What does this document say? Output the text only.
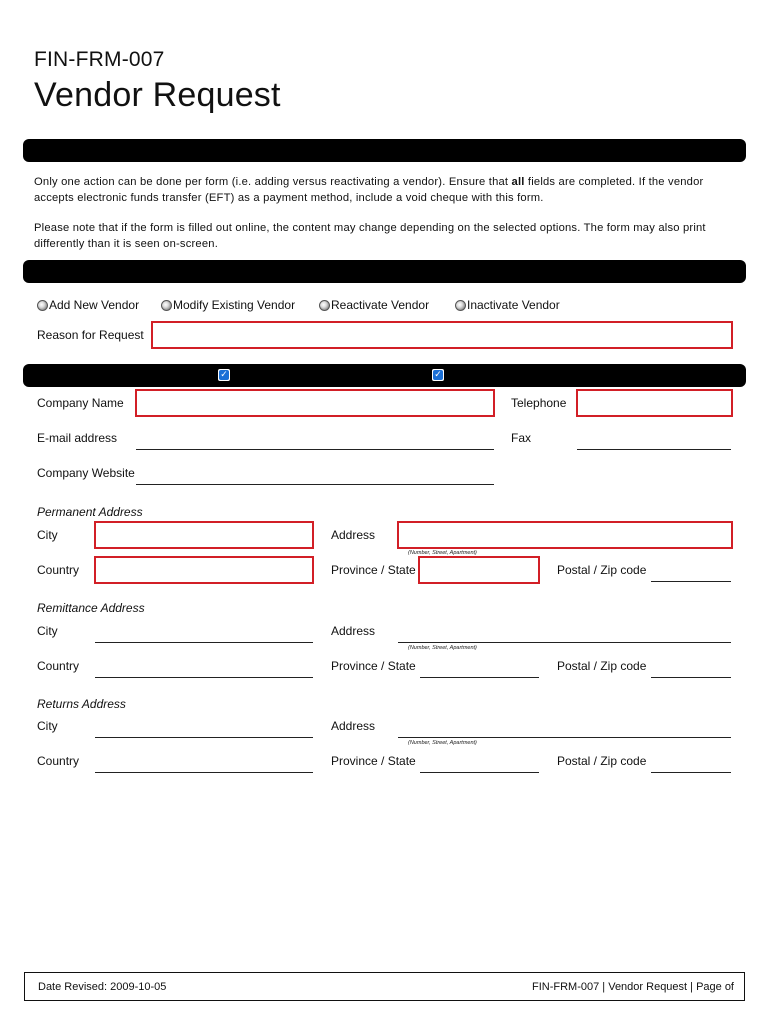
FIN-FRM-007
Vendor Request
Only one action can be done per form (i.e. adding versus reactivating a vendor). Ensure that all fields are completed. If the vendor accepts electronic funds transfer (EFT) as a payment method, include a void cheque with this form.
Please note that if the form is filled out online, the content may change depending on the selected options. The form may also print differently than it is seen on-screen.
Add New Vendor	Modify Existing Vendor	Reactivate Vendor	Inactivate Vendor
Reason for Request
✓	✓
Company Name	Telephone
E-mail address	Fax
Company Website
Permanent Address
City	Address
(Number, Street, Apartment)
Country	Province / State	Postal / Zip code
Remittance Address
City	Address
(Number, Street, Apartment)
Country	Province / State	Postal / Zip code
Returns Address
City	Address
(Number, Street, Apartment)
Country	Province / State	Postal / Zip code
Date Revised: 2009-10-05	FIN-FRM-007 | Vendor Request | Page of
